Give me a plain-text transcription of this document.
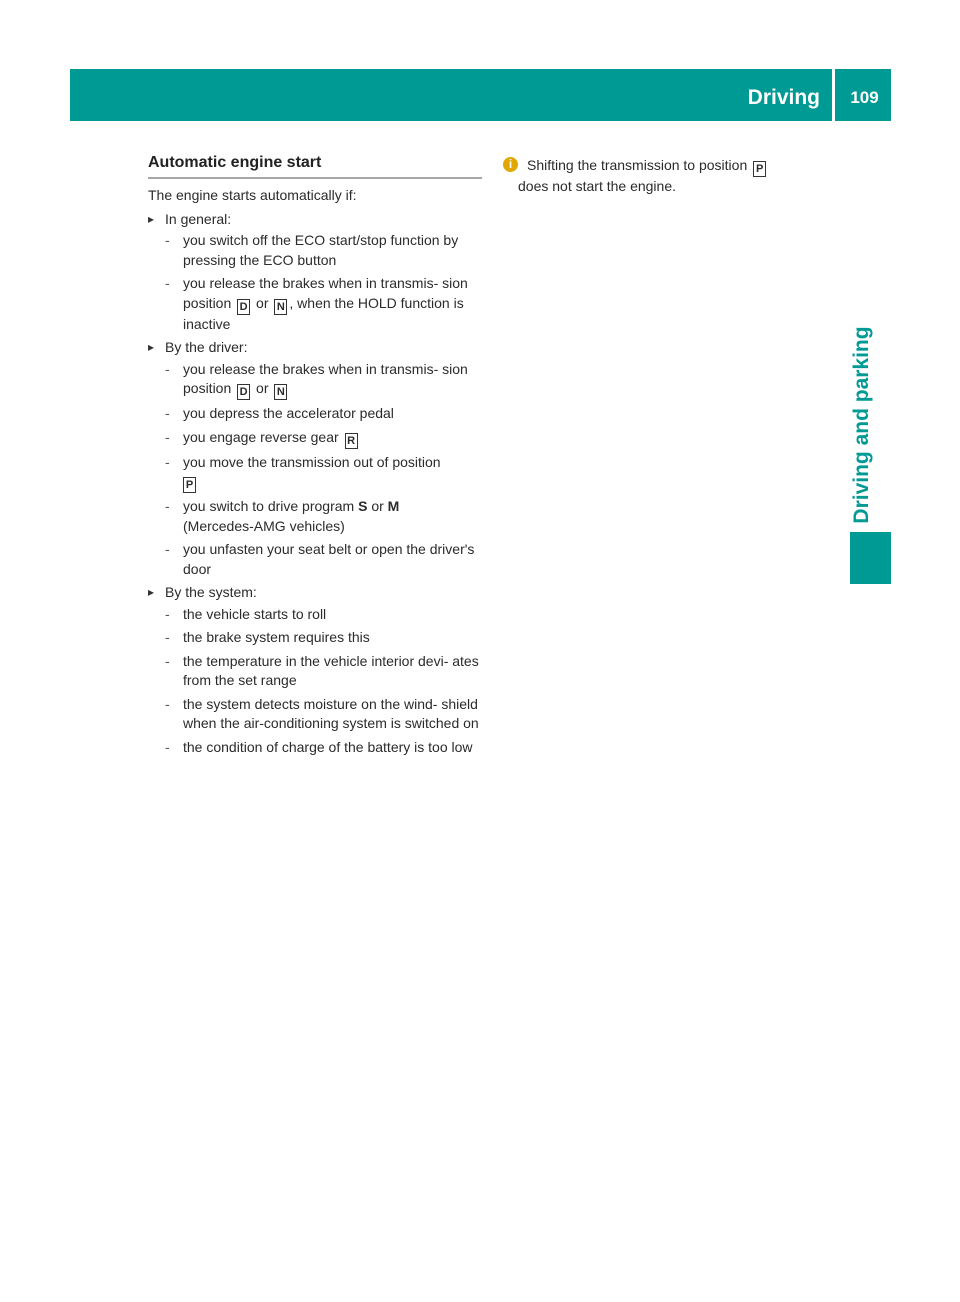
Driving	109
Driving and parking
Automatic engine start

The engine starts automatically if:

▸ In general:
- you switch off the ECO start/stop function by pressing the ECO button
- you release the brakes when in transmis- sion position D or N , when the HOLD function is inactive
▸ By the driver:
- you release the brakes when in transmis- sion position D or N
- you depress the accelerator pedal
- you engage reverse gear R
- you move the transmission out of position
P
- you switch to drive program S or M
(Mercedes-AMG vehicles)
- you unfasten your seat belt or open the driver's door
▸ By the system:
- the vehicle starts to roll
- the brake system requires this
- the temperature in the vehicle interior devi- ates from the set range
- the system detects moisture on the wind- shield when the air-conditioning system is switched on
- the condition of charge of the battery is too low
i	Shifting the transmission to position P
does not start the engine.
